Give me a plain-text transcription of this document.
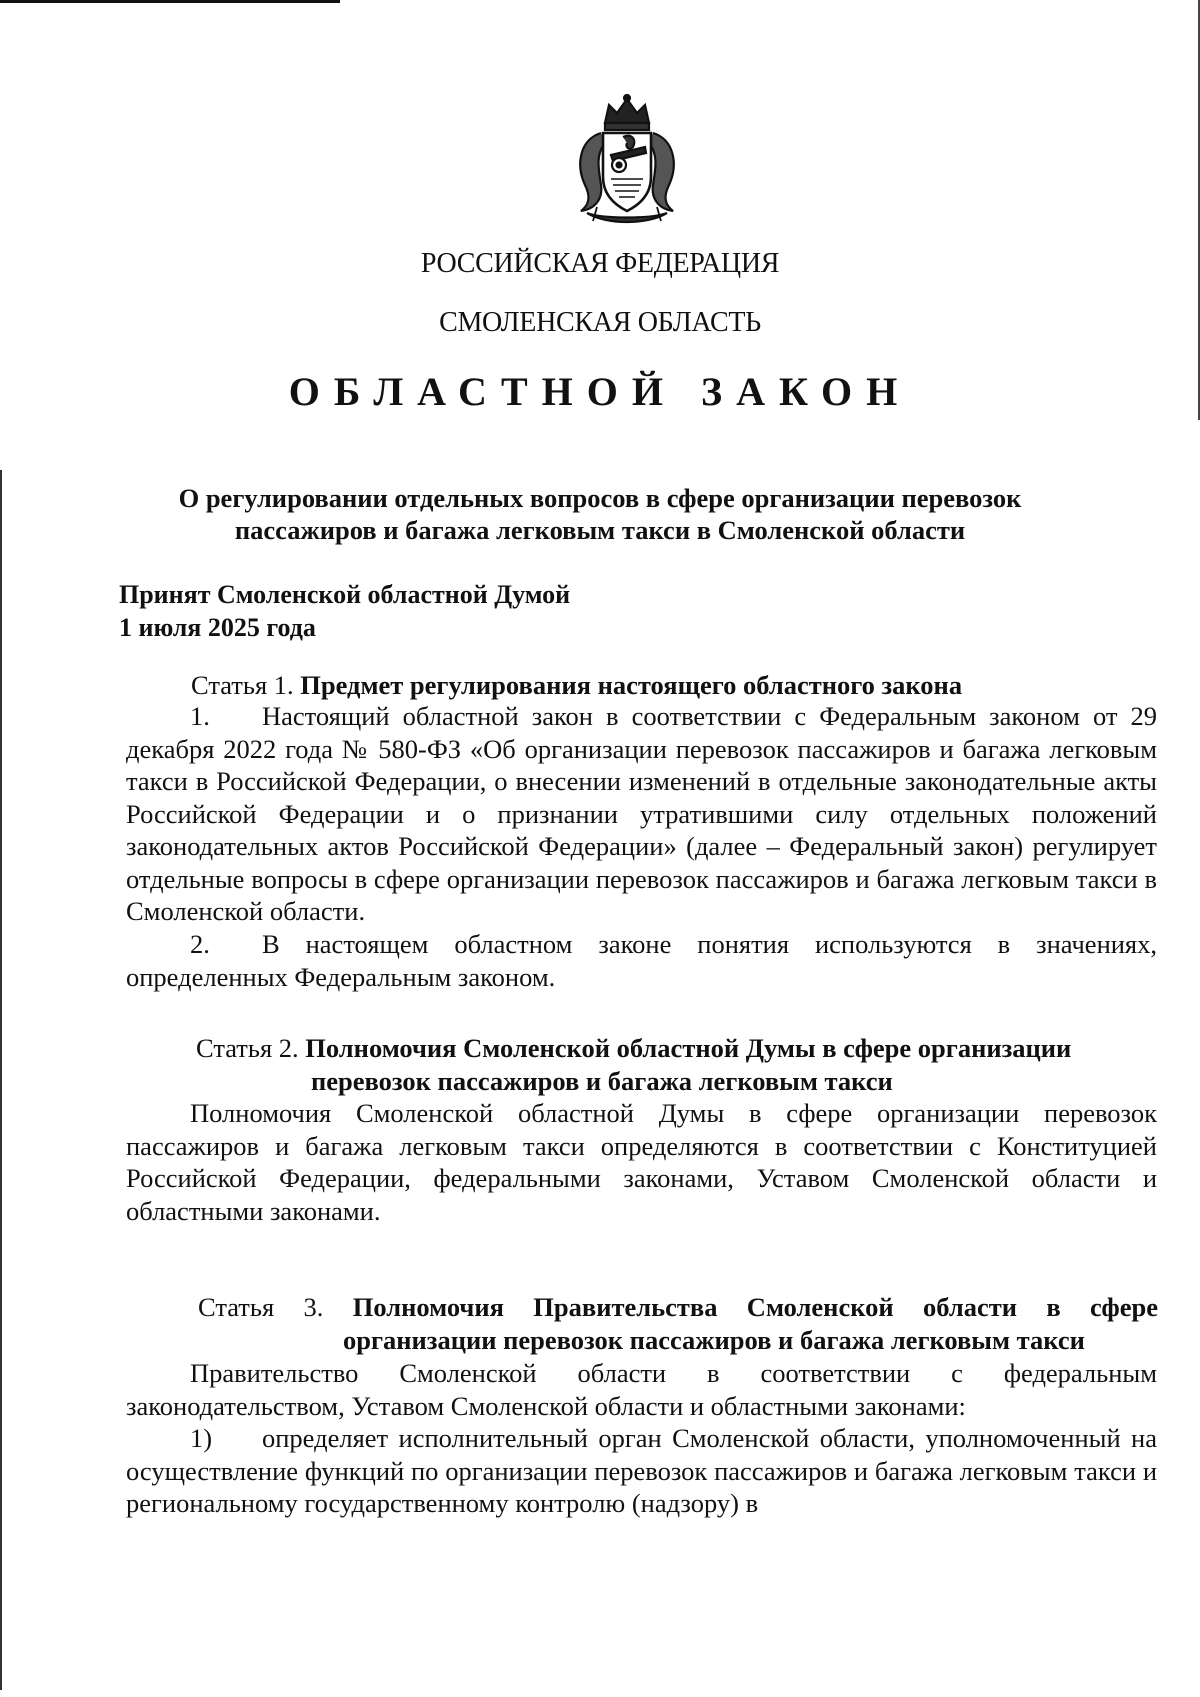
РОССИЙСКАЯ ФЕДЕРАЦИЯ
СМОЛЕНСКАЯ ОБЛАСТЬ
ОБЛАСТНОЙ ЗАКОН
О регулировании отдельных вопросов в сфере организации перевозок
пассажиров и багажа легковым такси в Смоленской области
Принят Смоленской областной Думой
1 июля 2025 года
Статья 1. Предмет регулирования настоящего областного закона
1. Настоящий областной закон в соответствии с Федеральным законом от 29 декабря 2022 года № 580-ФЗ «Об организации перевозок пассажиров и багажа легковым такси в Российской Федерации, о внесении изменений в отдельные законодательные акты Российской Федерации и о признании утратившими силу отдельных положений законодательных актов Российской Федерации» (далее – Федеральный закон) регулирует отдельные вопросы в сфере организации перевозок пассажиров и багажа легковым такси в Смоленской области.
2. В настоящем областном законе понятия используются в значениях, определенных Федеральным законом.
Статья 2. Полномочия Смоленской областной Думы в сфере организации
перевозок пассажиров и багажа легковым такси
Полномочия Смоленской областной Думы в сфере организации перевозок пассажиров и багажа легковым такси определяются в соответствии с Конституцией Российской Федерации, федеральными законами, Уставом Смоленской области и областными законами.
Статья 3. Полномочия Правительства Смоленской области в сфере
организации перевозок пассажиров и багажа легковым такси
Правительство Смоленской области в соответствии с федеральным законодательством, Уставом Смоленской области и областными законами:
1) определяет исполнительный орган Смоленской области, уполномоченный на осуществление функций по организации перевозок пассажиров и багажа легковым такси и региональному государственному контролю (надзору) в
